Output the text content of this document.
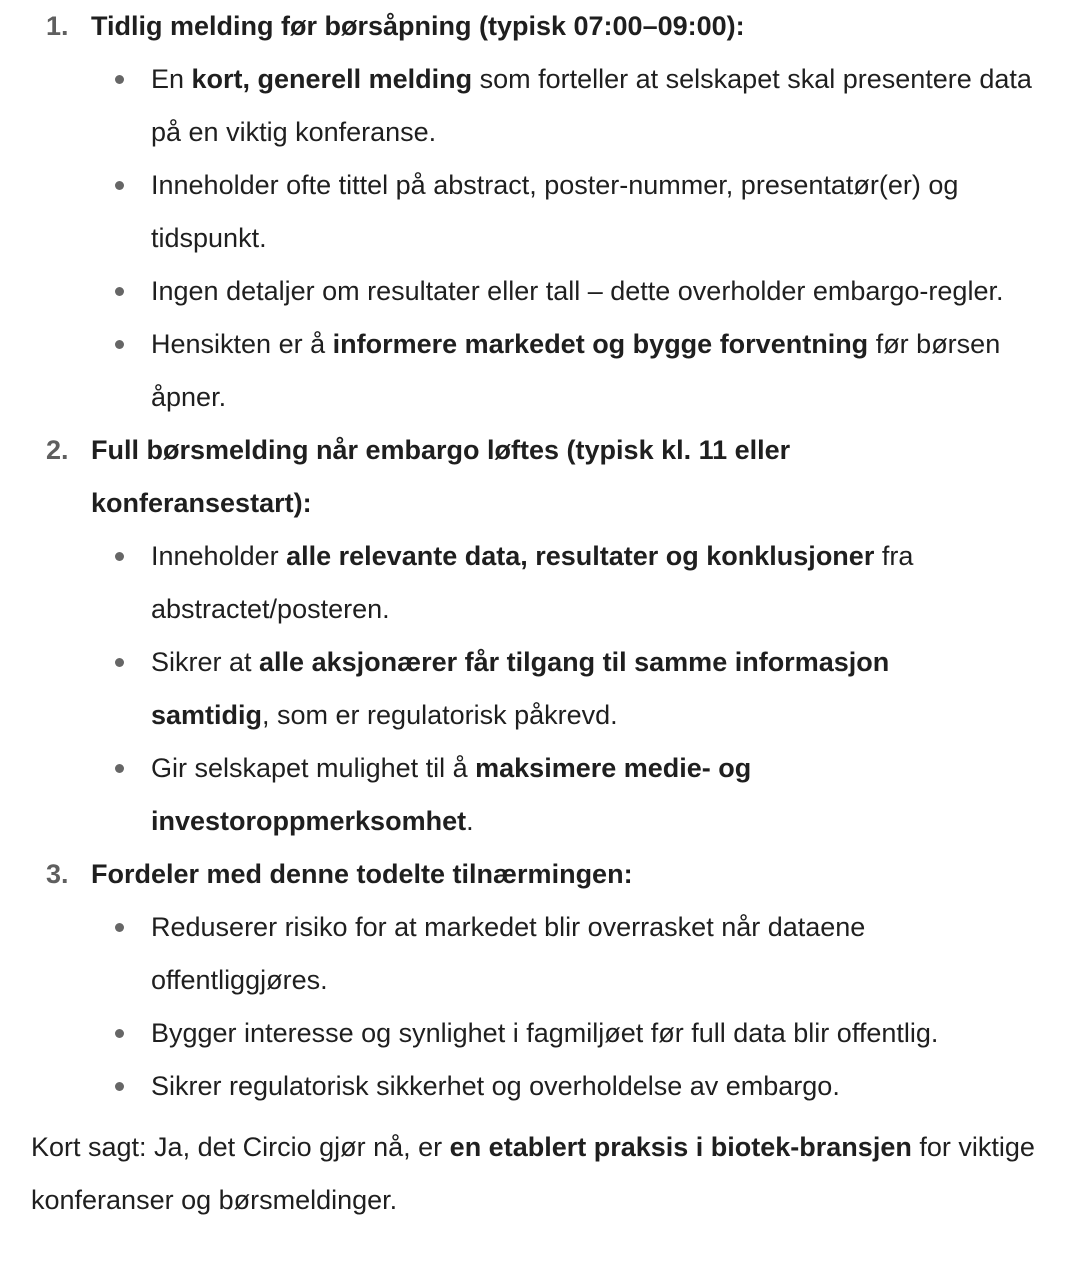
1. Tidlig melding før børsåpning (typisk 07:00–09:00):
En kort, generell melding som forteller at selskapet skal presentere data på en viktig konferanse.
Inneholder ofte tittel på abstract, poster-nummer, presentatør(er) og tidspunkt.
Ingen detaljer om resultater eller tall – dette overholder embargo-regler.
Hensikten er å informere markedet og bygge forventning før børsen åpner.
2. Full børsmelding når embargo løftes (typisk kl. 11 eller konferansestart):
Inneholder alle relevante data, resultater og konklusjoner fra abstractet/posteren.
Sikrer at alle aksjonærer får tilgang til samme informasjon samtidig, som er regulatorisk påkrevd.
Gir selskapet mulighet til å maksimere medie- og investoroppmerksomhet.
3. Fordeler med denne todelte tilnærmingen:
Reduserer risiko for at markedet blir overrasket når dataene offentliggjøres.
Bygger interesse og synlighet i fagmiljøet før full data blir offentlig.
Sikrer regulatorisk sikkerhet og overholdelse av embargo.
Kort sagt: Ja, det Circio gjør nå, er en etablert praksis i biotek-bransjen for viktige konferanser og børsmeldinger.
